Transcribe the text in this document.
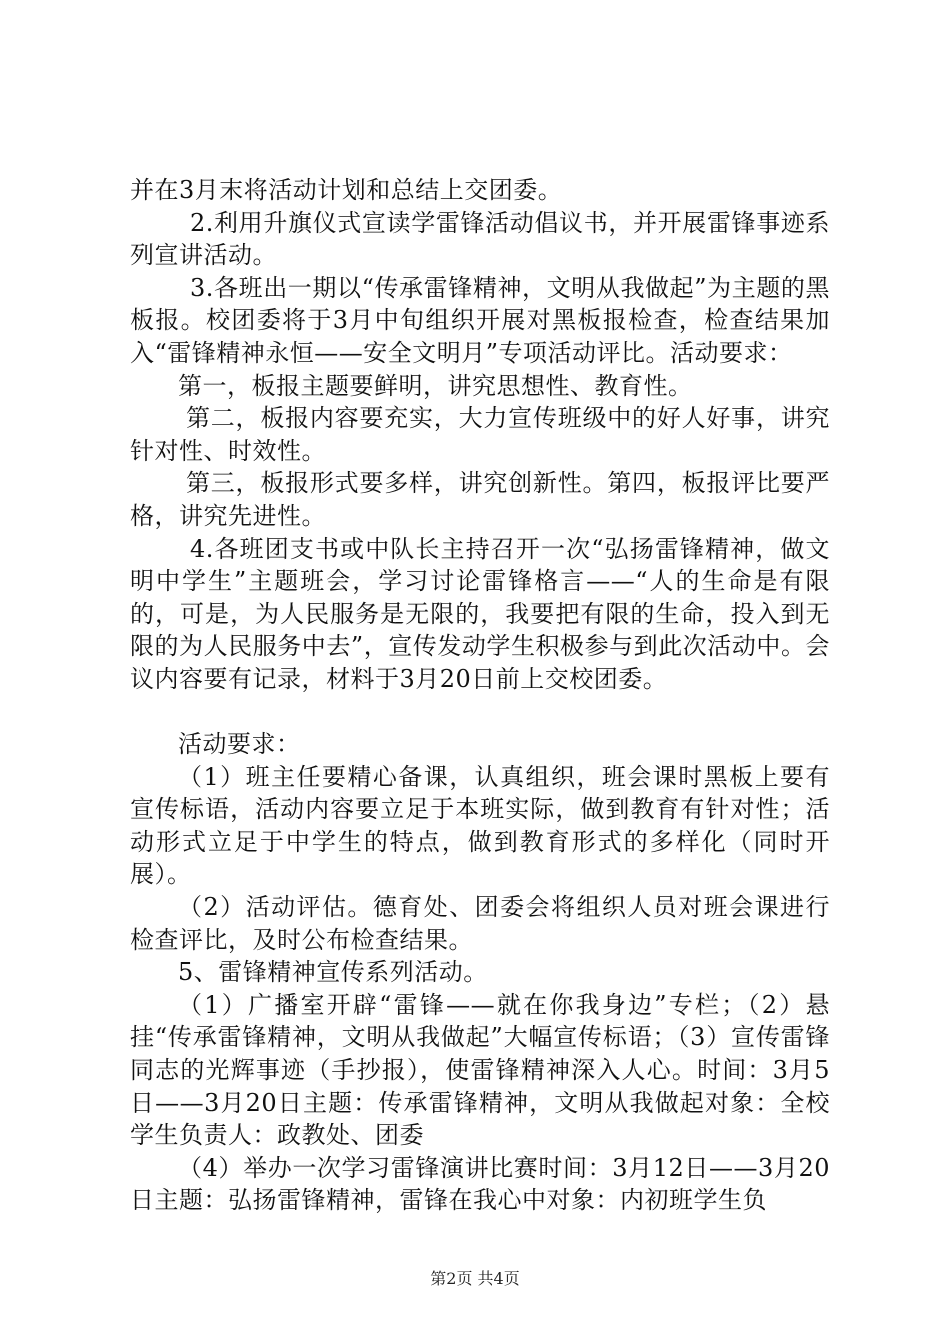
并在3月末将活动计划和总结上交团委。

2.利用升旗仪式宣读学雷锋活动倡议书，并开展雷锋事迹系列宣讲活动。

3.各班出一期以“传承雷锋精神，文明从我做起”为主题的黑板报。校团委将于3月中旬组织开展对黑板报检查，检查结果加入“雷锋精神永恒——安全文明月”专项活动评比。活动要求：

第一，板报主题要鲜明，讲究思想性、教育性。

第二，板报内容要充实，大力宣传班级中的好人好事，讲究针对性、时效性。

第三，板报形式要多样，讲究创新性。第四，板报评比要严格，讲究先进性。

4.各班团支书或中队长主持召开一次“弘扬雷锋精神，做文明中学生”主题班会，学习讨论雷锋格言——“人的生命是有限的，可是，为人民服务是无限的，我要把有限的生命，投入到无限的为人民服务中去”，宣传发动学生积极参与到此次活动中。会议内容要有记录，材料于3月20日前上交校团委。

活动要求：

（1）班主任要精心备课，认真组织，班会课时黑板上要有宣传标语，活动内容要立足于本班实际，做到教育有针对性；活动形式立足于中学生的特点，做到教育形式的多样化（同时开展）。

（2）活动评估。德育处、团委会将组织人员对班会课进行检查评比，及时公布检查结果。

5、雷锋精神宣传系列活动。

（1）广播室开辟“雷锋——就在你我身边”专栏；（2）悬挂“传承雷锋精神，文明从我做起”大幅宣传标语；（3）宣传雷锋同志的光辉事迹（手抄报），使雷锋精神深入人心。时间：3月5日——3月20日主题：传承雷锋精神，文明从我做起对象：全校学生负责人：政教处、团委

（4）举办一次学习雷锋演讲比赛时间：3月12日——3月20日主题：弘扬雷锋精神，雷锋在我心中对象：内初班学生负

第2页 共4页
